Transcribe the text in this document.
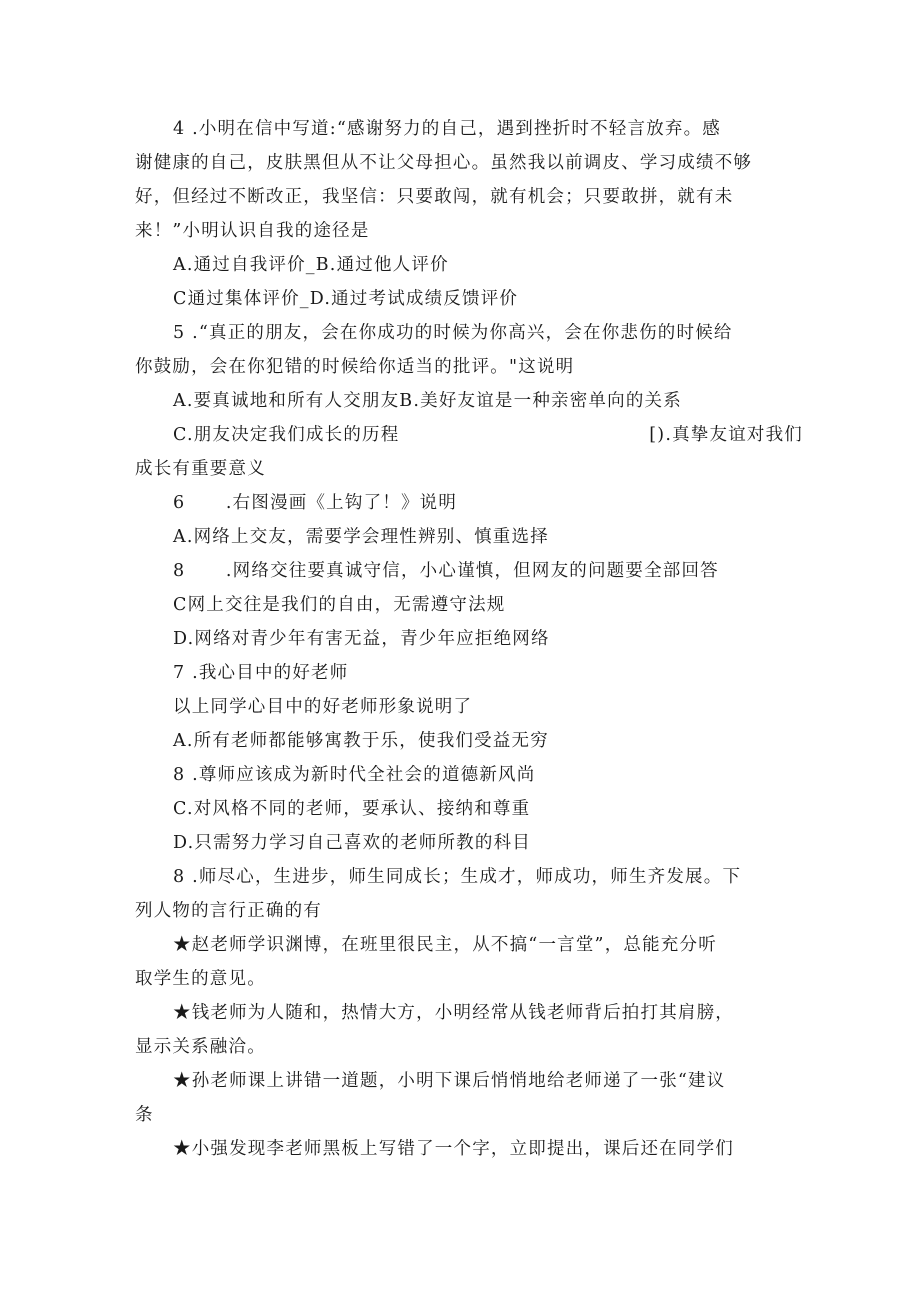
4 .小明在信中写道:“感谢努力的自己，遇到挫折时不轻言放弃。感
谢健康的自己，皮肤黑但从不让父母担心。虽然我以前调皮、学习成绩不够
好，但经过不断改正，我坚信：只要敢闯，就有机会；只要敢拼，就有未
来！”小明认识自我的途径是
A.通过自我评价_B.通过他人评价
C通过集体评价_D.通过考试成绩反馈评价
5 .“真正的朋友，会在你成功的时候为你高兴，会在你悲伤的时候给
你鼓励，会在你犯错的时候给你适当的批评。"这说明
A.要真诚地和所有人交朋友B.美好友谊是一种亲密单向的关系
C.朋友决定我们成长的历程	[).真挚友谊对我们
成长有重要意义
6      .右图漫画《上钩了！》说明
A.网络上交友，需要学会理性辨别、慎重选择
8      .网络交往要真诚守信，小心谨慎，但网友的问题要全部回答
C网上交往是我们的自由，无需遵守法规
D.网络对青少年有害无益，青少年应拒绝网络
7 .我心目中的好老师
以上同学心目中的好老师形象说明了
A.所有老师都能够寓教于乐，使我们受益无穷
8 .尊师应该成为新时代全社会的道德新风尚
C.对风格不同的老师，要承认、接纳和尊重
D.只需努力学习自己喜欢的老师所教的科目
8 .师尽心，生进步，师生同成长；生成才，师成功，师生齐发展。下
列人物的言行正确的有
★赵老师学识渊博，在班里很民主，从不搞“一言堂”，总能充分听
取学生的意见。
★钱老师为人随和，热情大方，小明经常从钱老师背后拍打其肩膀，
显示关系融洽。
★孙老师课上讲错一道题，小明下课后悄悄地给老师递了一张“建议
条
★小强发现李老师黑板上写错了一个字，立即提出，课后还在同学们
